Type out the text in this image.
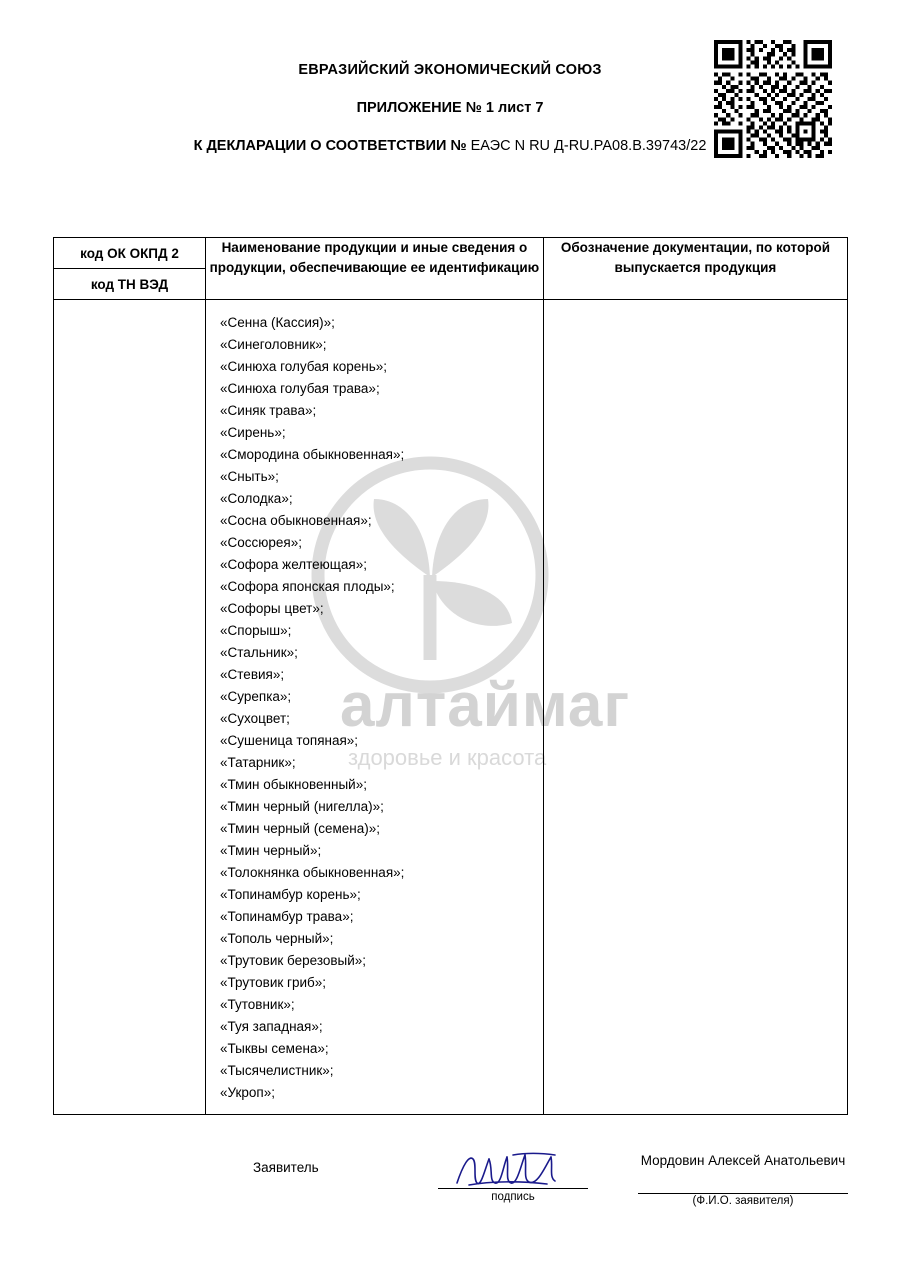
ЕВРАЗИЙСКИЙ ЭКОНОМИЧЕСКИЙ СОЮЗ
ПРИЛОЖЕНИЕ № 1 лист 7
К ДЕКЛАРАЦИИ О СООТВЕТСТВИИ № ЕАЭС N RU Д-RU.РА08.В.39743/22
алтаймаг
здоровье и красота
код ОК ОКПД 2
код ТН ВЭД	Наименование продукции и иные сведения о продукции, обеспечивающие ее идентификацию	Обозначение документации, по которой выпускается продукция

«Сенна (Кассия)»;
«Синеголовник»;
«Синюха голубая корень»;
«Синюха голубая трава»;
«Синяк трава»;
«Сирень»;
«Смородина обыкновенная»;
«Сныть»;
«Солодка»;
«Сосна обыкновенная»;
«Соссюрея»;
«Софора желтеющая»;
«Софора японская плоды»;
«Софоры цвет»;
«Спорыш»;
«Стальник»;
«Стевия»;
«Сурепка»;
«Сухоцвет;
«Сушеница топяная»;
«Татарник»;
«Тмин обыкновенный»;
«Тмин черный (нигелла)»;
«Тмин черный (семена)»;
«Тмин черный»;
«Толокнянка обыкновенная»;
«Топинамбур корень»;
«Топинамбур трава»;
«Тополь черный»;
«Трутовик березовый»;
«Трутовик гриб»;
«Тутовник»;
«Туя западная»;
«Тыквы семена»;
«Тысячелистник»;
«Укроп»;

Заявитель
подпись
Мордовин Алексей Анатольевич
(Ф.И.О. заявителя)
